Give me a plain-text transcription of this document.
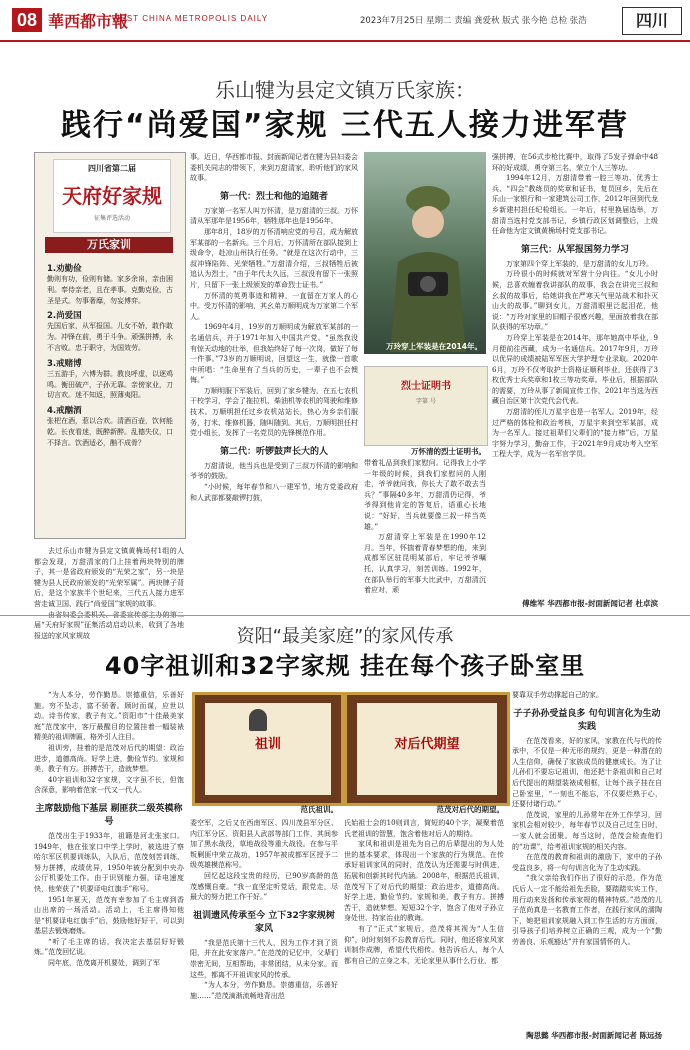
08 華西都市報
WEST CHINA METROPOLIS DAILY	2023年7月25日 星期二 责编 龚爱秋 版式 张今艳 总检 张浩	四川
乐山犍为县定文镇万氏家族：
践行“尚爱国”家规 三代五人接力进军营
四川省第二届
天府好家规
征集评选活动
万氏家训
1.劝勤俭

勤则有功，俭则有储。家多余帛，亲由困利。奉侍亲老，且在孝事。克勤克俭，古圣是式。勿事奢靡，勿妄博弈。

2.尚爱国

先国后家，从军报国。儿女不娇，敢作敢为。冲锋在前，勇于斗争。顽强拼搏，永不言败。忠于职守，为国效劳。

3.戒赌博

三五游手，六博为群。教良呼虚，以逐鸡鸣。衡田破产，子孙无靠。亲傍家业，刀切言欢。迷不知返，照薄夷阳。

4.戒酗酒

张杷在酒，惹以合欢。清酒百壶，饮何能乾。长夜看迷，既醉新醉。乱德失仪，口不择言。饮酒适必，酗不成骨？

去过乐山市犍为县定文镇黄桷场村1组的人都会发现，万甜清家的门上挂着两块特别的牌子，其一是省政府颁发的“光荣之家”，另一块是犍为县人民政府颁发的“光荣军属”。两块牌子背后，是这个家族半个世纪来，三代五人接力进军营走诚卫国、践行“尚爱国”家规的故事。

届“天府好家规”征集活动启动以来，收到了各地报送的家风家规故

事。近日，华西都市报、封面新闻记者在犍为县妇委会委机关同志的带领下，来到万甜清家，聆听他们的家风故事。

第一代：烈士和他的追随者

万家第一名军人叫万怀清，是万甜清的三叔。万怀清从军那年是1956年，牺牲那年也是1956年。

那年8月，18岁的万怀清响应党的号召，成为解放军某部的一名新兵。三个月后，万怀清所在部队接到上级命令，赴凉山州执行任务。“就是在这次行动中，三叔冲锋陷阵、光荣牺牲。”万甜清介绍，三叔牺牲后被追认为烈士，“由于年代太久远，三叔没有留下一张照片，只留下一张上级颁发的革命烈士证书。”

万怀清的英勇事迹和精神，一直留在万家人的心中。受万怀清的影响，其幺弟万顺明成为万家第二个军人。

1969年4月，19岁的万顺明成为解放军某部的一名通信兵，并于1971年加入中国共产党。“虽然我没有惊天动地的壮举，但我始终好了每一次岗，做好了每一件事。”73岁的万顺明说，回望这一生，就像一首歌中所唱：“生命里有了当兵的历史，一辈子也不会懊悔。”

万顺明服下军装后，回到了家乡犍为，在五七农机干校学习，学会了拖拉机、柴油机等农机的驾驶和维修技术。万顺明担任过乡农机站站长，热心为乡亲们服务，打米、维修机器，随叫随到。其后，万顺明担任村党小组长，发挥了一名党员的先锋模范作用。

第二代：听锣鼓声长大的人

万甜清说，他当兵也是受到了三叔万怀清的影响和爷爷的鼓励。

“小时候，每年春节和八一建军节，地方党委政府和人武部都要敲锣打鼓，

万玲穿上军装是在2014年。
烈士证明书
字第 号
万怀清的烈士证明书。

带着礼品到我们家慰问。记得我上小学一年级的时候，到我们家慰问的人刚走，爷爷就问我，你长大了敢不敢去当兵？”事隔40多年，万甜清仍记得，爷爷得到他肯定的答复后，语重心长地说：“好好，当兵就要像三叔一样当英雄。”

万甜清穿上军装是在1990年12月。当年，怀揣着青春梦想的他，来到成都军区驻昆明某部后，牢记爷爷嘱托，认真学习，刻苦训练。1992年，在部队举行的军事大比武中，万甜清沉着应对，顽

强拼搏，在56式步枪比赛中，取得了5发子弹命中48环的好成绩，勇夺第三名，荣立个人三等功。

1994年12月，万甜清带着一腔三等功、优秀士兵、“四会”教练员的奖章和证书，复员回乡，先后在乐山一家银行和一家建筑公司工作，2012年回到代龙乡新建村担任纪检组长。一年后，村里换届选举，万甜清当选村党支部书记，乡镇行政区划调整后，上级任命他为定文镇黄桷场村党支部书记。

第三代：从军报国努力学习

万家第四个穿上军装的，是万甜清的女儿万玲。

万玲很小的时候就对军营十分向往。“女儿小时候，总喜欢缠着我讲部队的故事，我会在讲完三叔和幺叔的故事后，给她讲我在严寒天气里站战术和扑灭山火的故事。”聊到女儿，万甜清眼里泛起泪花，他说：“万玲对家里的旧帽子很感兴趣，里面放着我在部队获得的军功章。”

万玲穿上军装是在2014年，那年她高中毕业，9月便前往西藏，成为一名通信兵。2017年9月，万玲以优异的成绩被陆军军医大学护理专业录取。2020年6月，万玲不仅考取护士资格证顺利毕业，还获得了3枚优秀士兵奖章和1枚三等功奖章。毕业后，根据部队的需要，万玲从事了新闻宣传工作，2021年当选为西藏自治区第十次党代会代表。

万甜清的侄儿万星宇也是一名军人。2019年，经过严格的体检和政治考核，万星宇来到空军某部，成为一名军人。接过祖辈们父辈们的“接力棒”后，万星宇努力学习，勤奋工作，于2021年9月成功考入空军工程大学，成为一名军官学员。

傅维军 华西都市报-封面新闻记者 杜卓滨
资阳“最美家庭”的家风传承
40字祖训和32字家规 挂在每个孩子卧室里

“为人本分，劳作勤恳。崇德重信，乐善好施。穷不坠志，富不骄奢。顾时而谋，应世以动。诗书传家，教子有文。”资阳市“十佳最美家庭”范茂家中，客厅最醒目的位置挂着一幅装裱精美的祖训牌匾，格外引人注目。

祖训旁，挂着的是范茂对后代的期望：政治进步，道德高尚。好学上进，勤俭节约。家规和美，教子有方。拼搏苦干，造就梦想。

40字祖训和32字家规，文字虽不长，但饱含深意，影响着范家一代又一代人。

主席鼓励他下基层 剔匪获二级英模称号

范茂出生于1933年，祖籍是河北张家口。1949年，他在张家口中学上学时，被选进了察哈尔军区机要训练队，入队后，范茂刻苦训练，努力拼搏，成绩优异，1950年被分配到中央办公厅机要处工作。由于识别能力强，译电速度快，他荣获了“机要译电红旗手”称号。

1951年夏天，范茂有幸参加了毛主席到香山出席的一场活动。活动上，毛主席得知他是“机要译电红旗手”后，鼓励他好好干，可以到基层去锻炼磨炼。

“听了毛主席的话，我决定去基层好好锻炼。”范茂回忆说。

同年底，范茂离开机要处，调到了军

祖训
范氏祖训。
对后代期望
范茂对后代的期望。

委空军，之后又在西南军区、四川茂县军分区、内江军分区、资阳县人武部等部门工作，其间参加了黑水战役，草地战役等重大战役。在参与平叛剿匪中荣立战功，1957年被成都军区授予二级英雄模范称号。

回忆起这段宝贵的经历，已90岁高龄的范茂感慨自豪。“我一直坚定听党话，跟党走，尽最大的努力把工作干好。”

祖训遗风传承至今 立下32字家规树家风

“我是范氏第十三代人，因为工作才到了资阳，并在此安家落户。”在范茂的记忆中，父辈们崇密无间，互相帮助，非常团结，从未分家。而这些，都离不开祖训家风的传承。

“为人本分，劳作勤恳。崇德重信，乐善好施……”范茂滴渐流畅地背出范

氏始祖士会的10则训言，简短的40个字，凝聚着范氏老祖训的智慧，饱含着他对后人的期待。

家风和祖训是祖先为自己的后辈提出的为人处世的基本要求，体现出一个家族的行为规范。在传承好祖训家风的同时，范茂认为还需要与时俱进，拓展和创新其时代内涵。2008年，根据范氏祖训，范茂写下了对后代的期望：政治进步，道德高尚。好学上进，勤俭节约。家规和美，教子有方。拼搏苦干，造就梦想。短短32个字，饱含了他对子孙立身处世、持家治业的教诲。

有了“正式”家规后，范茂将其视为“人生信仰”，时时刻刻不忘教育后代。同时，他还将家风家训制作成牌，希望代代相传。他告诉后人，每个人都有自己的立身之本，无论家里从事什么行业，都

要靠双手劳动撑起自己的家。

子子孙孙受益良多 句句训言化为生动实践

在范茂看来，好的家风，家教在代与代的传承中，不仅是一种无形的规约，更是一种潜在的人生信仰，确保了家族成员的健康成长。为了让儿孙们不要忘记祖训，他还把十条祖训和自己对后代提出的期望装裱成相框，让每个孩子挂在自己卧室里，“一刻也不能忘，不仅要烂熟于心，还要付诸行动。”

范茂说，家里的儿孙常年在外工作学习，回家机会相对较少，每年春节以及自己过生日时，一家人就会团聚。每当这时，范茂会检查他们的“功课”，给考祖训家规的相关内容。

在范茂的教育和祖训的激励下，家中的子孙受益良多，将一句句训言化为了生动实践。

“我父亲给我们作出了很好的示范，作为范氏后人一定不能给祖先丢脸，要踏踏实实工作，用行动来发扬和传承家规的精神特质。”范茂的儿子范尚真是一名教育工作者，在践行家风的濡陶下，她把祖训家规融入到工作生活的方方面面，引导孩子们培养树立正确的三观，成为一个“勤劳善良、乐观豁达”并有家国情怀的人。

陶思懿 华西都市报-封面新闻记者 陈远扬
